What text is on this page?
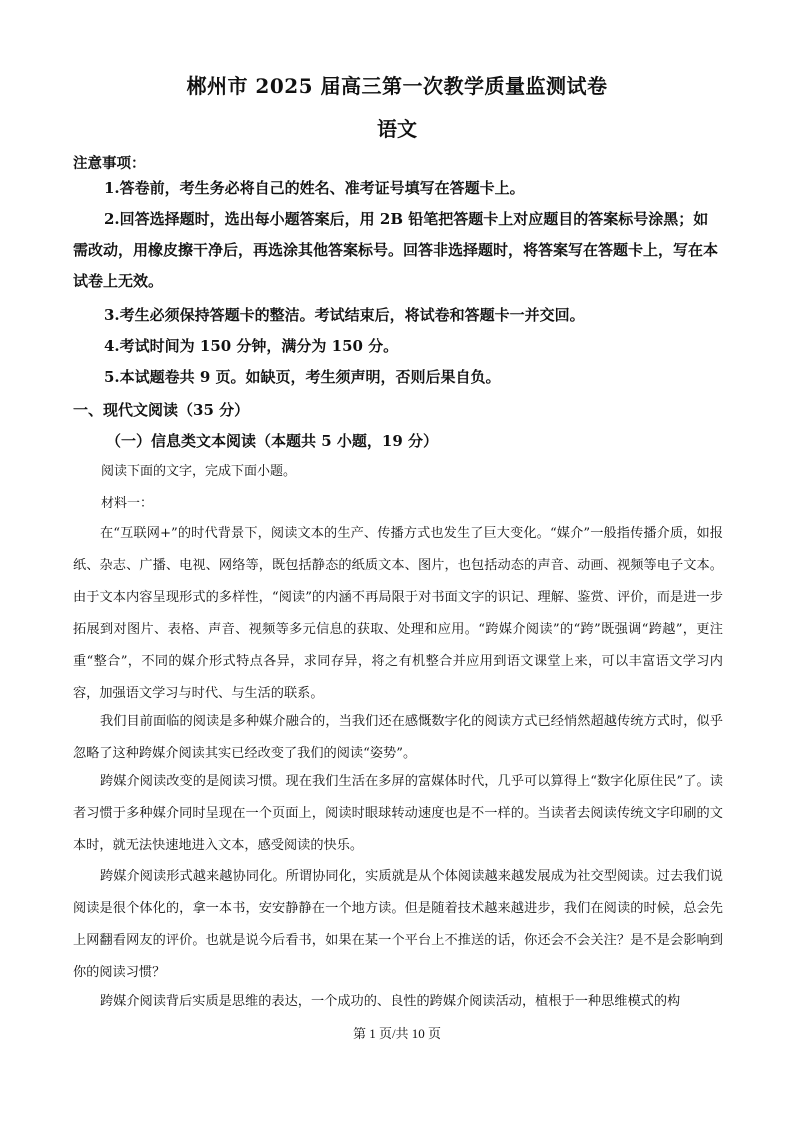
郴州市 2025 届高三第一次教学质量监测试卷
语文
注意事项：
1.答卷前，考生务必将自己的姓名、准考证号填写在答题卡上。
2.回答选择题时，选出每小题答案后，用 2B 铅笔把答题卡上对应题目的答案标号涂黑；如需改动，用橡皮擦干净后，再选涂其他答案标号。回答非选择题时，将答案写在答题卡上，写在本试卷上无效。
3.考生必须保持答题卡的整洁。考试结束后，将试卷和答题卡一并交回。
4.考试时间为 150 分钟，满分为 150 分。
5.本试题卷共 9 页。如缺页，考生须声明，否则后果自负。
一、现代文阅读（35 分）
（一）信息类文本阅读（本题共 5 小题，19 分）
阅读下面的文字，完成下面小题。
材料一：

在“互联网+”的时代背景下，阅读文本的生产、传播方式也发生了巨大变化。“媒介”一般指传播介质，如报纸、杂志、广播、电视、网络等，既包括静态的纸质文本、图片，也包括动态的声音、动画、视频等电子文本。由于文本内容呈现形式的多样性，“阅读”的内涵不再局限于对书面文字的识记、理解、鉴赏、评价，而是进一步拓展到对图片、表格、声音、视频等多元信息的获取、处理和应用。“跨媒介阅读”的“跨”既强调“跨越”，更注重“整合”，不同的媒介形式特点各异，求同存异，将之有机整合并应用到语文课堂上来，可以丰富语文学习内容，加强语文学习与时代、与生活的联系。

我们目前面临的阅读是多种媒介融合的，当我们还在感慨数字化的阅读方式已经悄然超越传统方式时，似乎忽略了这种跨媒介阅读其实已经改变了我们的阅读“姿势”。

跨媒介阅读改变的是阅读习惯。现在我们生活在多屏的富媒体时代，几乎可以算得上“数字化原住民”了。读者习惯于多种媒介同时呈现在一个页面上，阅读时眼球转动速度也是不一样的。当读者去阅读传统文字印刷的文本时，就无法快速地进入文本，感受阅读的快乐。

跨媒介阅读形式越来越协同化。所谓协同化，实质就是从个体阅读越来越发展成为社交型阅读。过去我们说阅读是很个体化的，拿一本书，安安静静在一个地方读。但是随着技术越来越进步，我们在阅读的时候，总会先上网翻看网友的评价。也就是说今后看书，如果在某一个平台上不推送的话，你还会不会关注？是不是会影响到你的阅读习惯？

跨媒介阅读背后实质是思维的表达，一个成功的、良性的跨媒介阅读活动，植根于一种思维模式的构

第 1 页/共 10 页
